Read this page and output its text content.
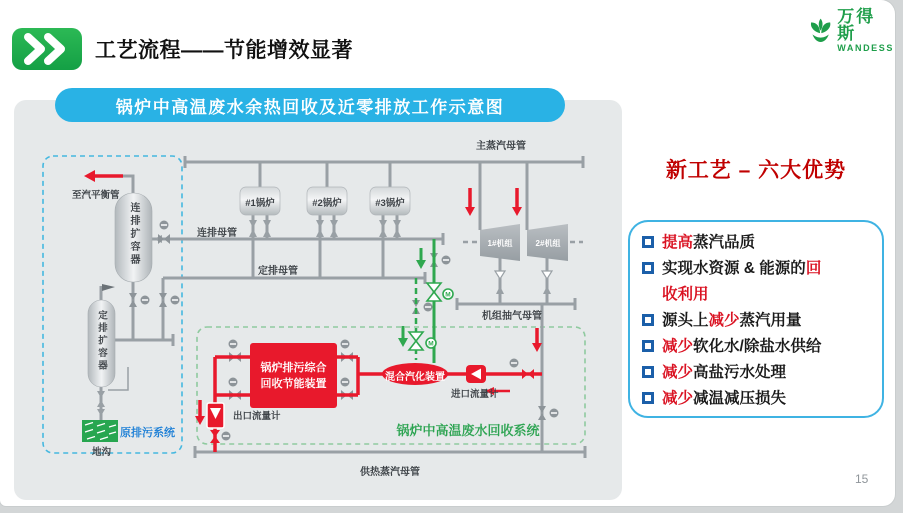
工艺流程——节能增效显著
万得斯
WANDESS
锅炉中高温废水余热回收及近零排放工作示意图
M
M
主蒸汽母管
#1锅炉	#2锅炉	#3锅炉
连排母管
定排母管
至汽平衡管
连排扩容器
定排扩容器
原排污系统
地沟
1#机组	2#机组
机组抽气母管
混合汽化装置
锅炉排污综合
回收节能装置
出口流量计
进口流量计
锅炉中高温废水回收系统
供热蒸汽母管
新工艺 – 六大优势
提高蒸汽品质
实现水资源 & 能源的回
收利用
源头上减少蒸汽用量
减少软化水/除盐水供给
减少高盐污水处理
减少减温减压损失
15
